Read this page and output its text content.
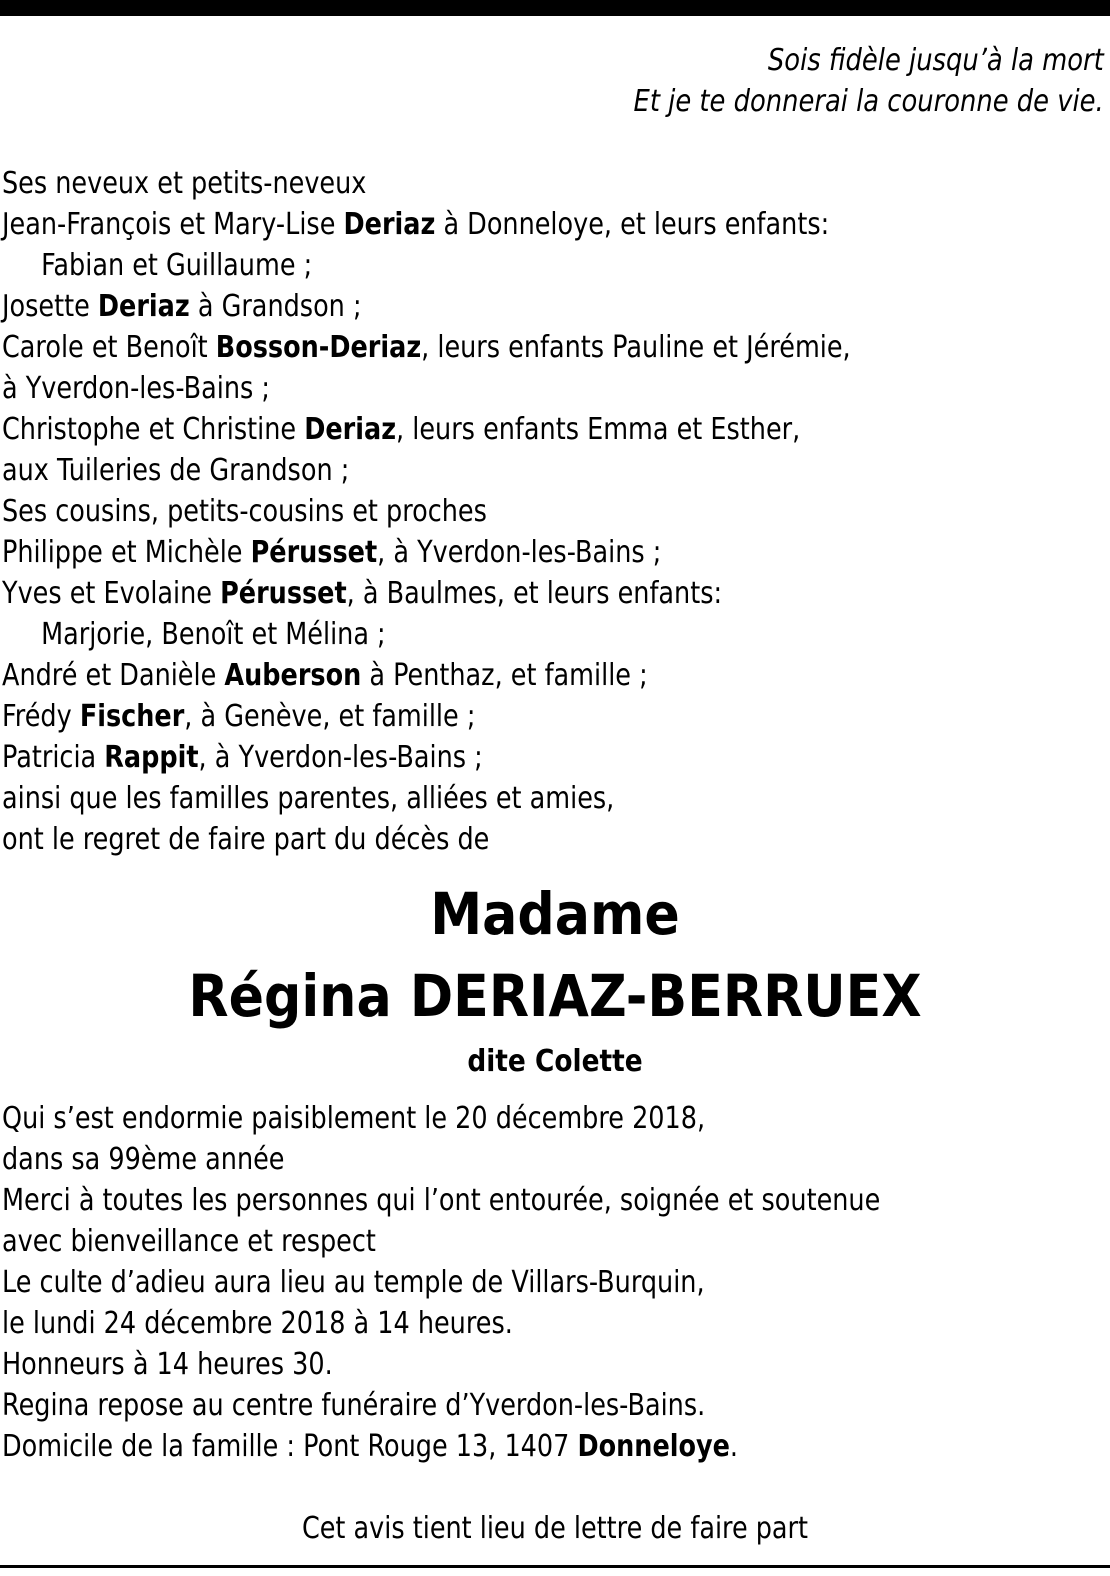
Sois fidèle jusqu’à la mort
Et je te donnerai la couronne de vie.
Ses neveux et petits-neveux
Jean-François et Mary-Lise Deriaz à Donneloye, et leurs enfants:
Fabian et Guillaume ;
Josette Deriaz à Grandson ;
Carole et Benoît Bosson-Deriaz, leurs enfants Pauline et Jérémie,
à Yverdon-les-Bains ;
Christophe et Christine Deriaz, leurs enfants Emma et Esther,
aux Tuileries de Grandson ;
Ses cousins, petits-cousins et proches
Philippe et Michèle Pérusset, à Yverdon-les-Bains ;
Yves et Evolaine Pérusset, à Baulmes, et leurs enfants:
Marjorie, Benoît et Mélina ;
André et Danièle Auberson à Penthaz, et famille ;
Frédy Fischer, à Genève, et famille ;
Patricia Rappit, à Yverdon-les-Bains ;
ainsi que les familles parentes, alliées et amies,
ont le regret de faire part du décès de
Madame
Régina DERIAZ-BERRUEX
dite Colette
Qui s’est endormie paisiblement le 20 décembre 2018,
dans sa 99ème année
Merci à toutes les personnes qui l’ont entourée, soignée et soutenue
avec bienveillance et respect
Le culte d’adieu aura lieu au temple de Villars-Burquin,
le lundi 24 décembre 2018 à 14 heures.
Honneurs à 14 heures 30.
Regina repose au centre funéraire d’Yverdon-les-Bains.
Domicile de la famille : Pont Rouge 13, 1407 Donneloye.
Cet avis tient lieu de lettre de faire part
